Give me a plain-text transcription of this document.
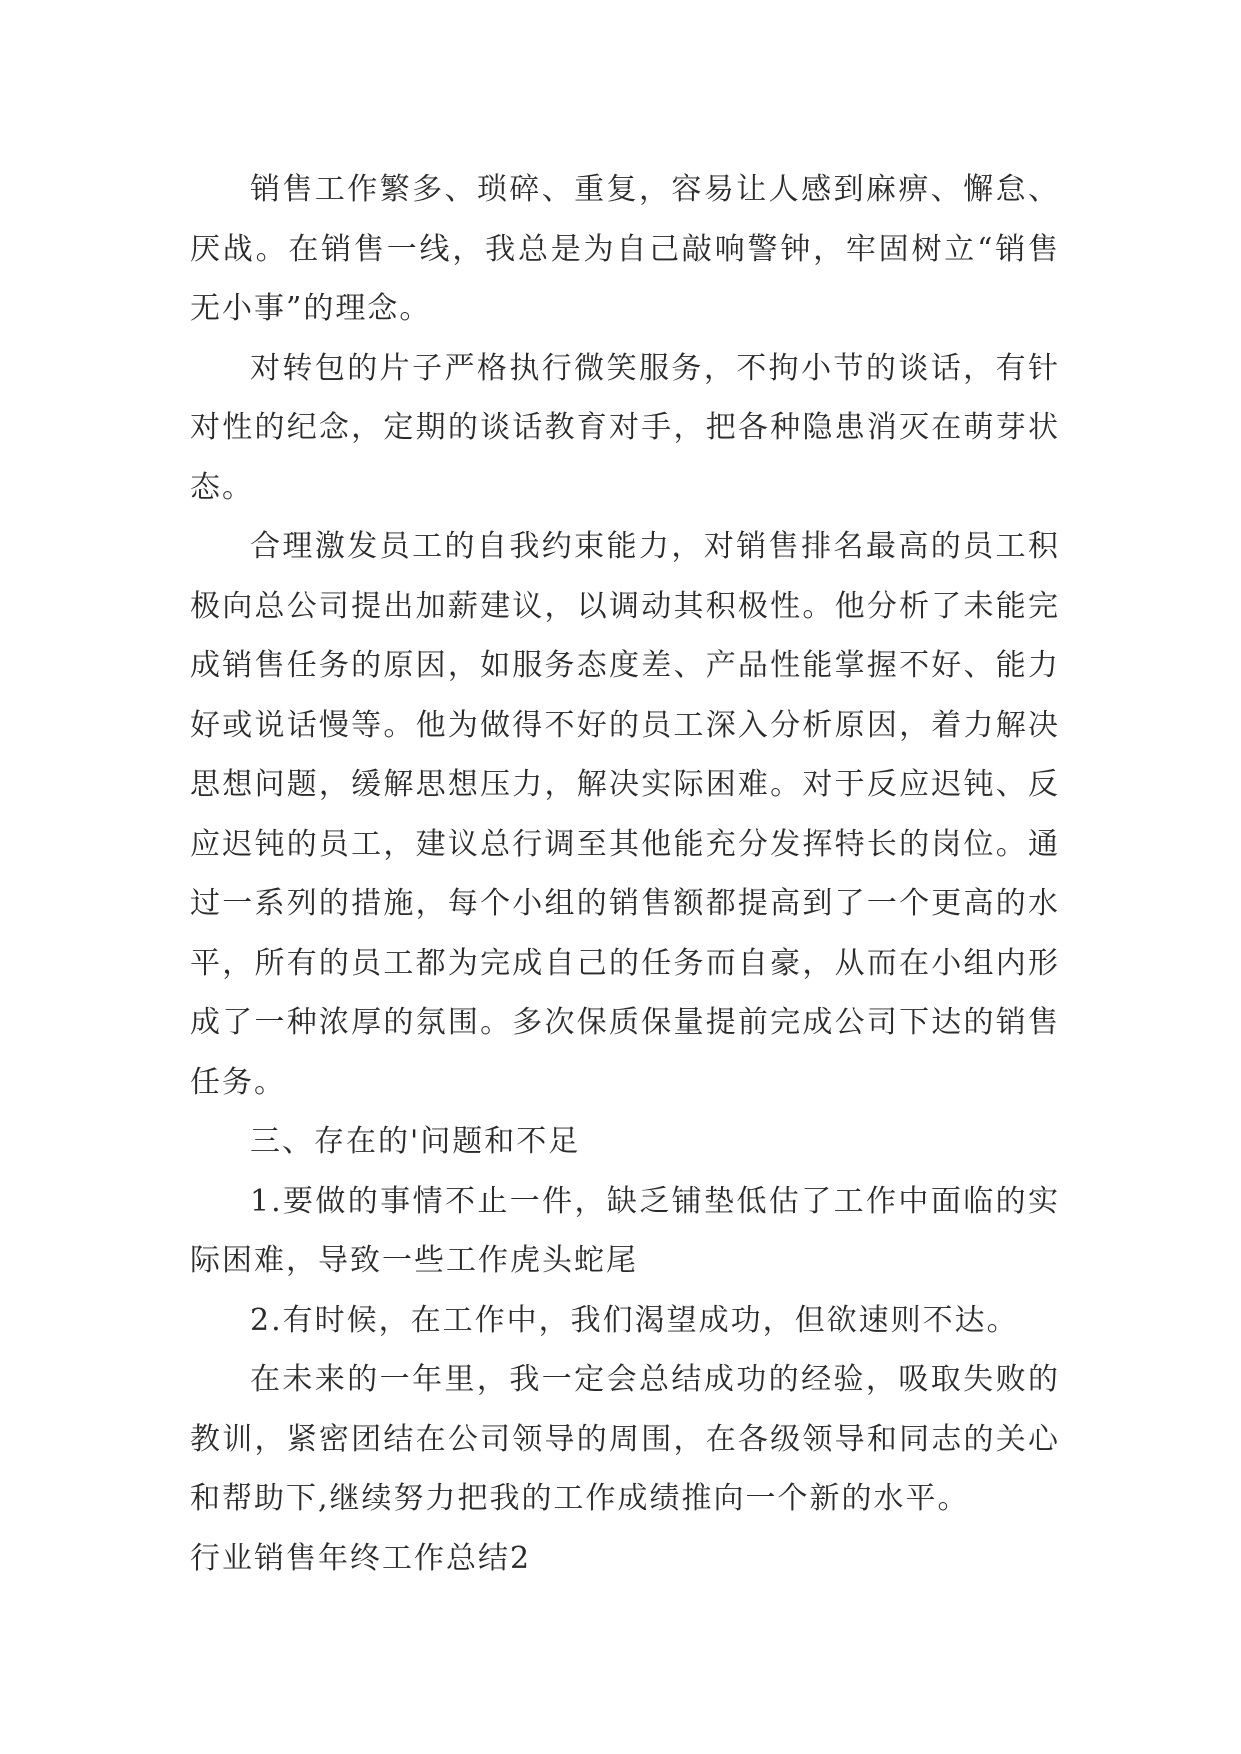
销售工作繁多、琐碎、重复，容易让人感到麻痹、懈怠、厌战。在销售一线，我总是为自己敲响警钟，牢固树立“销售无小事”的理念。

对转包的片子严格执行微笑服务，不拘小节的谈话，有针对性的纪念，定期的谈话教育对手，把各种隐患消灭在萌芽状态。

合理激发员工的自我约束能力，对销售排名最高的员工积极向总公司提出加薪建议，以调动其积极性。他分析了未能完成销售任务的原因，如服务态度差、产品性能掌握不好、能力好或说话慢等。他为做得不好的员工深入分析原因，着力解决思想问题，缓解思想压力，解决实际困难。对于反应迟钝、反应迟钝的员工，建议总行调至其他能充分发挥特长的岗位。通过一系列的措施，每个小组的销售额都提高到了一个更高的水平，所有的员工都为完成自己的任务而自豪，从而在小组内形成了一种浓厚的氛围。多次保质保量提前完成公司下达的销售任务。

三、存在的'问题和不足

1.要做的事情不止一件，缺乏铺垫低估了工作中面临的实际困难，导致一些工作虎头蛇尾

2.有时候，在工作中，我们渴望成功，但欲速则不达。

在未来的一年里，我一定会总结成功的经验，吸取失败的教训，紧密团结在公司领导的周围，在各级领导和同志的关心和帮助下,继续努力把我的工作成绩推向一个新的水平。

行业销售年终工作总结2
